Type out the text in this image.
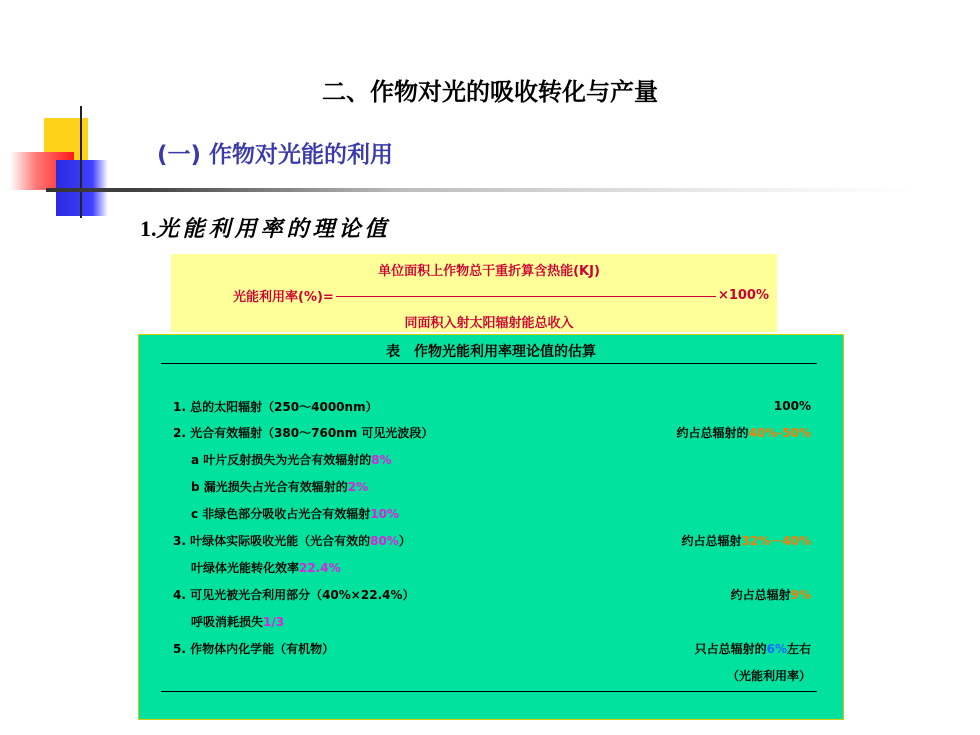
二、作物对光的吸收转化与产量
(一) 作物对光能的利用
1.光能利用率的理论值
单位面积上作物总干重折算含热能(KJ)
光能利用率(%)=	×100%
同面积入射太阳辐射能总收入
表　作物光能利用率理论值的估算
1. 总的太阳辐射（250～4000nm）	100%
2. 光合有效辐射（380～760nm 可见光波段）	约占总辐射的40%-50%
a 叶片反射损失为光合有效辐射的8%
b 漏光损失占光合有效辐射的2%
c 非绿色部分吸收占光合有效辐射10%
3. 叶绿体实际吸收光能（光合有效的80%）	约占总辐射32%－40%
叶绿体光能转化效率22.4%
4. 可见光被光合利用部分（40%×22.4%）	约占总辐射9%
呼吸消耗损失1/3
5. 作物体内化学能（有机物）	只占总辐射的6%左右
（光能利用率）
